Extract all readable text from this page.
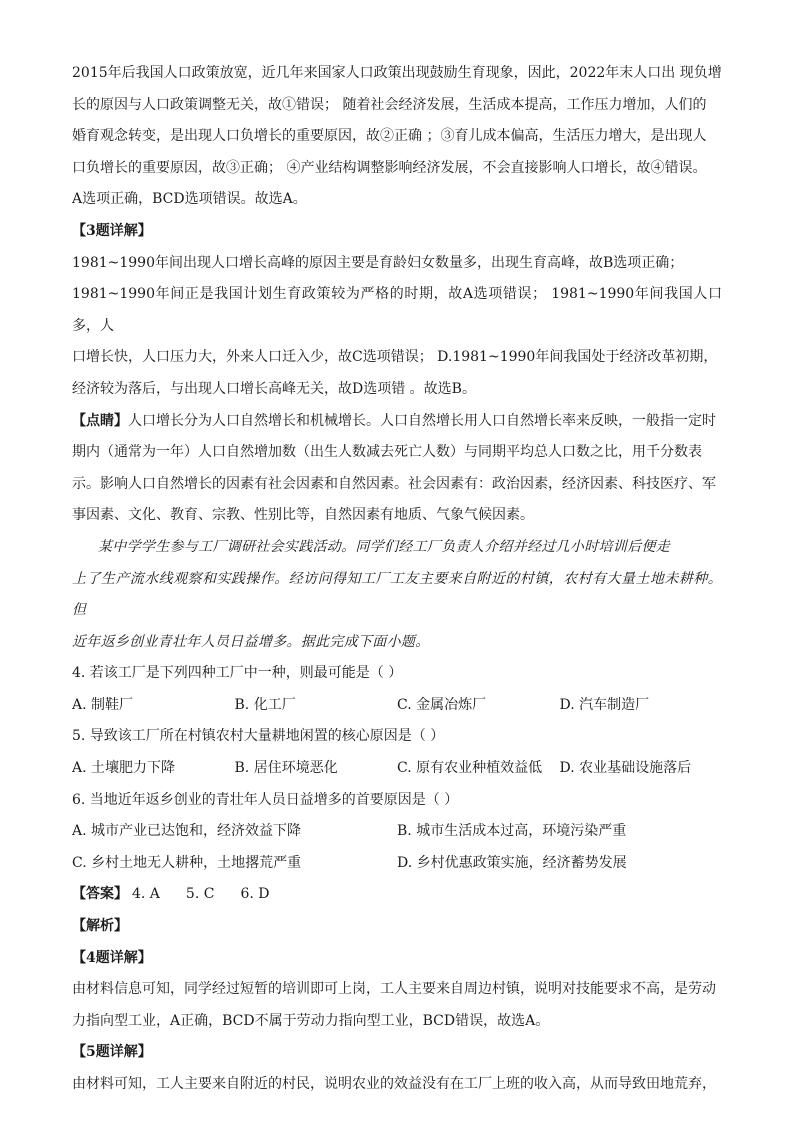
2015年后我国人口政策放宽，近几年来国家人口政策出现鼓励生育现象，因此，2022年末人口出 现负增

长的原因与人口政策调整无关，故①错误； 随着社会经济发展，生活成本提高，工作压力增加，人们的

婚育观念转变，是出现人口负增长的重要原因，故②正确 ；③育儿成本偏高，生活压力增大，是出现人

口负增长的重要原因，故③正确； ④产业结构调整影响经济发展，不会直接影响人口增长，故④错误。

A选项正确，BCD选项错误。故选A。

【3题详解】

1981~1990年间出现人口增长高峰的原因主要是育龄妇女数量多，出现生育高峰，故B选项正确；

1981~1990年间正是我国计划生育政策较为严格的时期，故A选项错误； 1981~1990年间我国人口多，人

口增长快，人口压力大，外来人口迁入少，故C选项错误； D.1981~1990年间我国处于经济改革初期，

经济较为落后，与出现人口增长高峰无关，故D选项错 。故选B。

【点睛】人口增长分为人口自然增长和机械增长。人口自然增长用人口自然增长率来反映，一般指一定时

期内（通常为一年）人口自然增加数（出生人数减去死亡人数）与同期平均总人口数之比，用千分数表

示。影响人口自然增长的因素有社会因素和自然因素。社会因素有：政治因素，经济因素、科技医疗、军

事因素、文化、教育、宗教、性别比等，自然因素有地质、气象气候因素。

某中学学生参与工厂调研社会实践活动。同学们经工厂负责人介绍并经过几小时培训后便走

上了生产流水线观察和实践操作。经访问得知工厂工友主要来自附近的村镇，农村有大量土地未耕种。但

近年返乡创业青壮年人员日益增多。据此完成下面小题。

4. 若该工厂是下列四种工厂中一种，则最可能是（ ）

A. 制鞋厂	B. 化工厂	C. 金属冶炼厂	D. 汽车制造厂

5. 导致该工厂所在村镇农村大量耕地闲置的核心原因是（ ）

A. 土壤肥力下降	B. 居住环境恶化	C. 原有农业种植效益低	D. 农业基础设施落后

6. 当地近年返乡创业的青壮年人员日益增多的首要原因是（ ）

A. 城市产业已达饱和，经济效益下降	B. 城市生活成本过高，环境污染严重
C. 乡村土地无人耕种，土地撂荒严重	D. 乡村优惠政策实施，经济蓄势发展
【答案】 4. A 5. C 6. D

【解析】

【4题详解】

由材料信息可知，同学经过短暂的培训即可上岗，工人主要来自周边村镇，说明对技能要求不高，是劳动

力指向型工业，A正确，BCD不属于劳动力指向型工业，BCD错误，故选A。

【5题详解】

由材料可知，工人主要来自附近的村民，说明农业的效益没有在工厂上班的收入高，从而导致田地荒弃，
